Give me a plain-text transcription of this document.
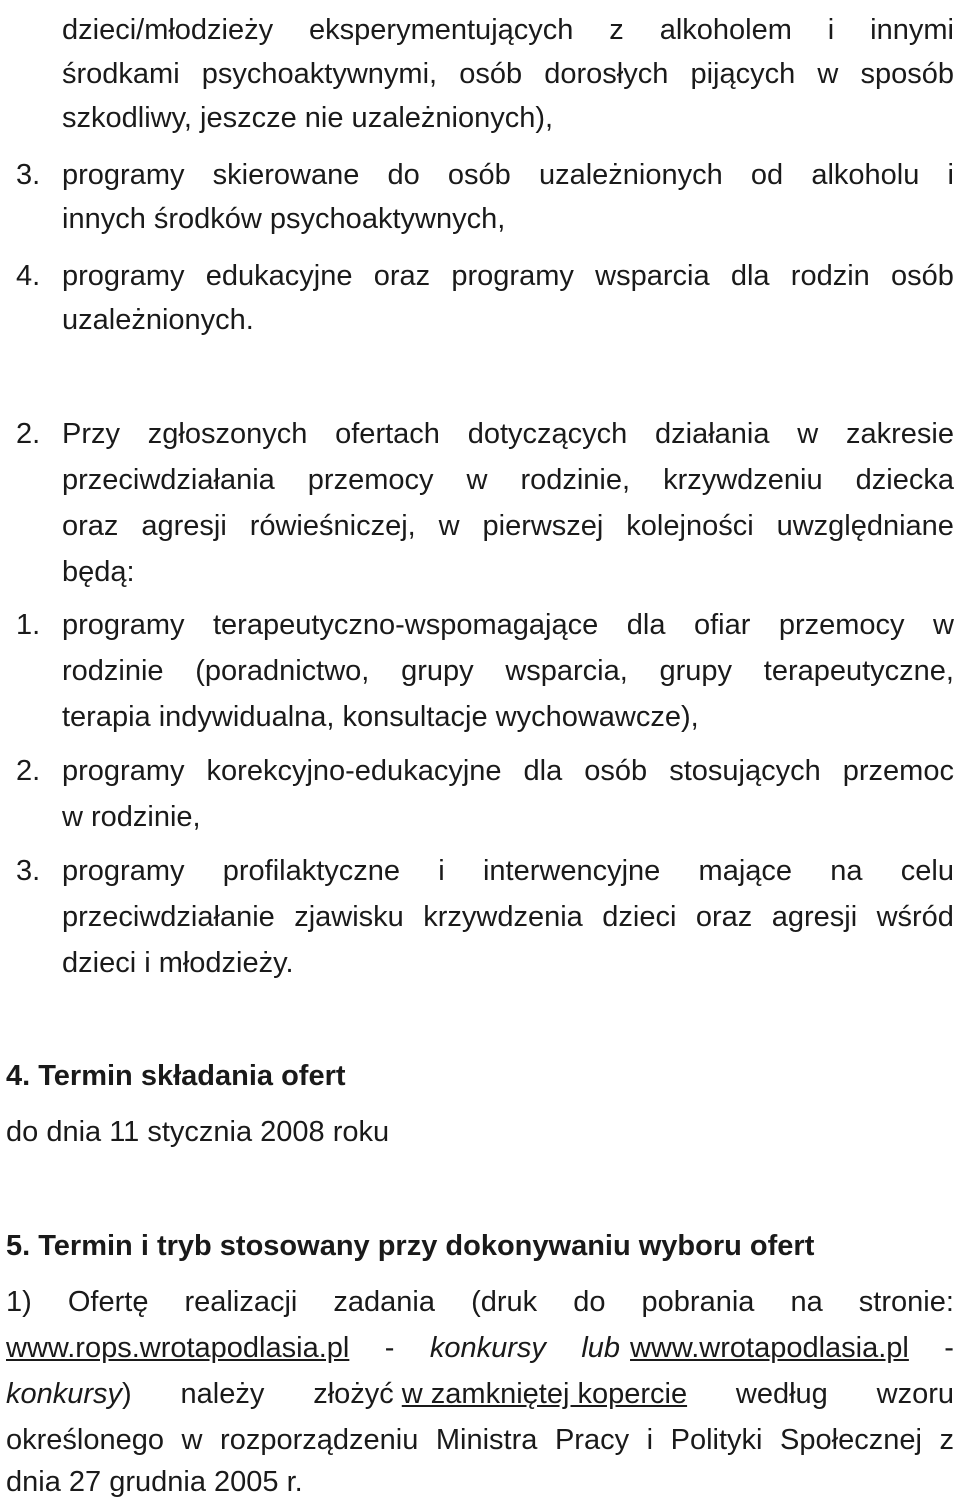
dzieci/młodzieży eksperymentujących z alkoholem i innymi
środkami psychoaktywnymi, osób dorosłych pijących w sposób
szkodliwy, jeszcze nie uzależnionych),
3. programy skierowane do osób uzależnionych od alkoholu i
innych środków psychoaktywnych,
4. programy edukacyjne oraz programy wsparcia dla rodzin osób
uzależnionych.
2. Przy zgłoszonych ofertach dotyczących działania w zakresie
przeciwdziałania przemocy w rodzinie, krzywdzeniu dziecka
oraz agresji rówieśniczej, w pierwszej kolejności uwzględniane
będą:
1. programy terapeutyczno-wspomagające dla ofiar przemocy w
rodzinie (poradnictwo, grupy wsparcia, grupy terapeutyczne,
terapia indywidualna, konsultacje wychowawcze),
2. programy korekcyjno-edukacyjne dla osób stosujących przemoc
w rodzinie,
3. programy profilaktyczne i interwencyjne mające na celu
przeciwdziałanie zjawisku krzywdzenia dzieci oraz agresji wśród
dzieci i młodzieży.
4. Termin składania ofert
do dnia 11 stycznia 2008 roku
5. Termin i tryb stosowany przy dokonywaniu wyboru ofert
1) Ofertę realizacji zadania (druk do pobrania na stronie:
www.rops.wrotapodlasia.pl - konkursy lub www.wrotapodlasia.pl -
konkursy) należy złożyć w zamkniętej kopercie według wzoru
określonego w rozporządzeniu Ministra Pracy i Polityki Społecznej z
dnia 27 grudnia 2005 r.
